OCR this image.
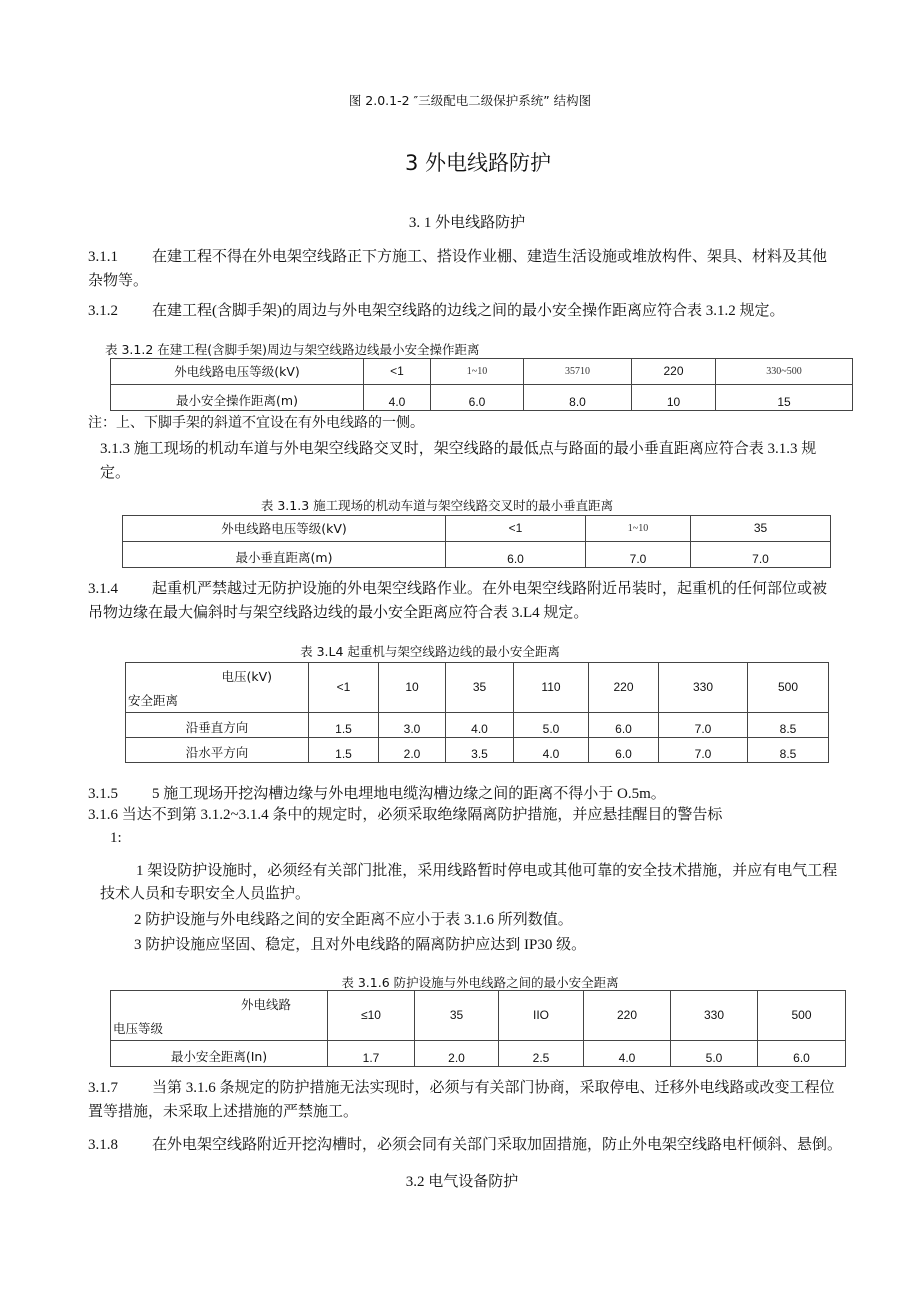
图 2.0.1-2 ″三级配电二级保护系统” 结构图
3 外电线路防护
3. 1 外电线路防护
3.1.1 在建工程不得在外电架空线路正下方施工、搭设作业棚、建造生活设施或堆放构件、架具、材料及其他
杂物等。
3.1.2 在建工程(含脚手架)的周边与外电架空线路的边线之间的最小安全操作距离应符合表 3.1.2 规定。
表 3.1.2 在建工程(含脚手架)周边与架空线路边线最小安全操作距离
外电线路电压等级(kV)	<1	1~10	35710	220	330~500
最小安全操作距离(m)	4.0	6.0	8.0	10	15
注：上、下脚手架的斜道不宜设在有外电线路的一侧。
3.1.3 施工现场的机动车道与外电架空线路交叉时，架空线路的最低点与路面的最小垂直距离应符合表 3.1.3 规
定。
表 3.1.3 施工现场的机动车道与架空线路交叉时的最小垂直距离
外电线路电压等级(kV)	<1	1~10	35
最小垂直距离(m)	6.0	7.0	7.0
3.1.4 起重机严禁越过无防护设施的外电架空线路作业。在外电架空线路附近吊装时，起重机的任何部位或被
吊物边缘在最大偏斜时与架空线路边线的最小安全距离应符合表 3.L4 规定。
表 3.L4 起重机与架空线路边线的最小安全距离
电压(kV)
安全距离	<1	10	35	110	220	330	500
沿垂直方向	1.5	3.0	4.0	5.0	6.0	7.0	8.5
沿水平方向	1.5	2.0	3.5	4.0	6.0	7.0	8.5
3.1.5 5 施工现场开挖沟槽边缘与外电埋地电缆沟槽边缘之间的距离不得小于 O.5m。
3.1.6 当达不到第 3.1.2~3.1.4 条中的规定时，必须采取绝缘隔离防护措施，并应悬挂醒目的警告标
1:
1 架设防护设施时，必须经有关部门批准，采用线路暂时停电或其他可靠的安全技术措施，并应有电气工程
技术人员和专职安全人员监护。
2 防护设施与外电线路之间的安全距离不应小于表 3.1.6 所列数值。
3 防护设施应坚固、稳定，且对外电线路的隔离防护应达到 IP30 级。
表 3.1.6 防护设施与外电线路之间的最小安全距离
外电线路
电压等级	≤10	35	IIO	220	330	500
最小安全距离(In)	1.7	2.0	2.5	4.0	5.0	6.0
3.1.7 当第 3.1.6 条规定的防护措施无法实现时，必须与有关部门协商，采取停电、迁移外电线路或改变工程位
置等措施，未采取上述措施的严禁施工。
3.1.8 在外电架空线路附近开挖沟槽时，必须会同有关部门采取加固措施，防止外电架空线路电杆倾斜、悬倒。
3.2 电气设备防护
